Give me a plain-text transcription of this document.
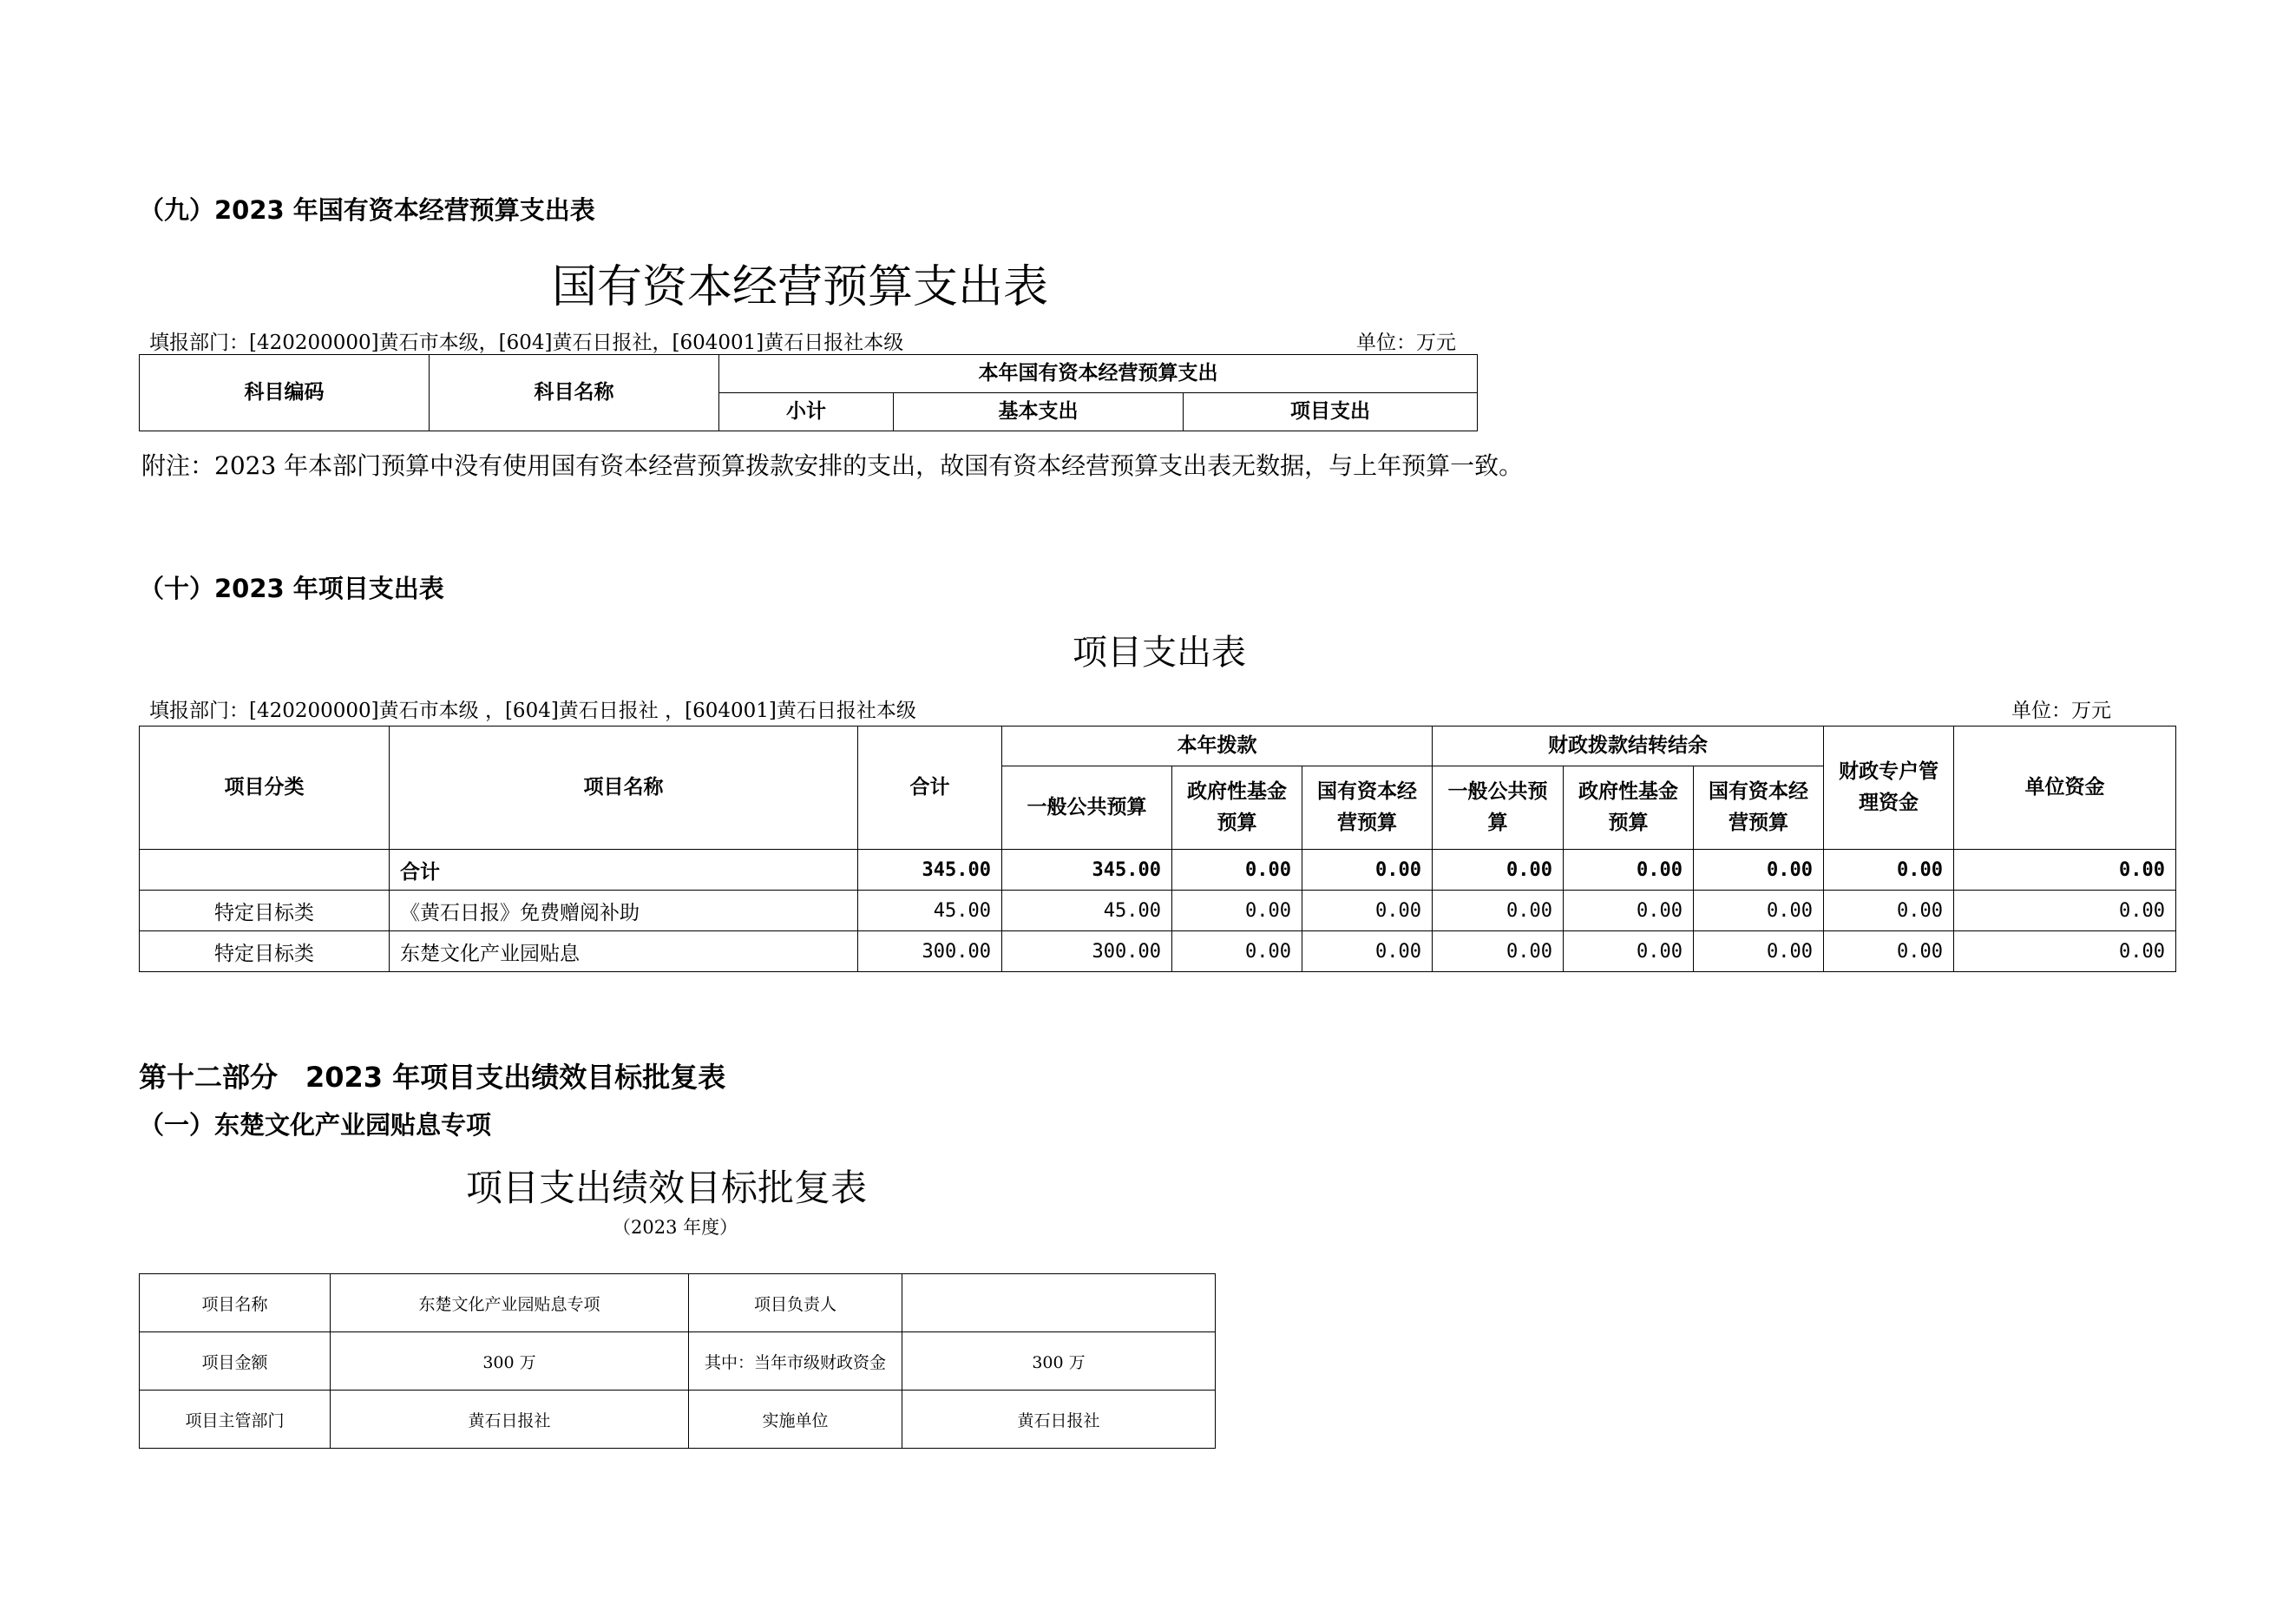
（九）2023 年国有资本经营预算支出表
国有资本经营预算支出表
填报部门：[420200000]黄石市本级，[604]黄石日报社，[604001]黄石日报社本级	单位：万元
科目编码	科目名称	本年国有资本经营预算支出		
		小计	基本支出	项目支出
附注：2023 年本部门预算中没有使用国有资本经营预算拨款安排的支出，故国有资本经营预算支出表无数据，与上年预算一致。
（十）2023 年项目支出表
项目支出表
填报部门：[420200000]黄石市本级 ，[604]黄石日报社 ，[604001]黄石日报社本级	单位：万元
项目分类	项目名称	合计	本年拨款			财政拨款结转结余			财政专户管理资金	单位资金
			一般公共预算	政府性基金预算	国有资本经营预算	一般公共预算	政府性基金预算	国有资本经营预算		
	合计	345.00	345.00	0.00	0.00	0.00	0.00	0.00	0.00	0.00
特定目标类	《黄石日报》免费赠阅补助	45.00	45.00	0.00	0.00	0.00	0.00	0.00	0.00	0.00
特定目标类	东楚文化产业园贴息	300.00	300.00	0.00	0.00	0.00	0.00	0.00	0.00	0.00
第十二部分　2023 年项目支出绩效目标批复表
（一）东楚文化产业园贴息专项
项目支出绩效目标批复表
（2023 年度）
项目名称	东楚文化产业园贴息专项	项目负责人	
项目金额	300 万	其中：当年市级财政资金	300 万
项目主管部门	黄石日报社	实施单位	黄石日报社
